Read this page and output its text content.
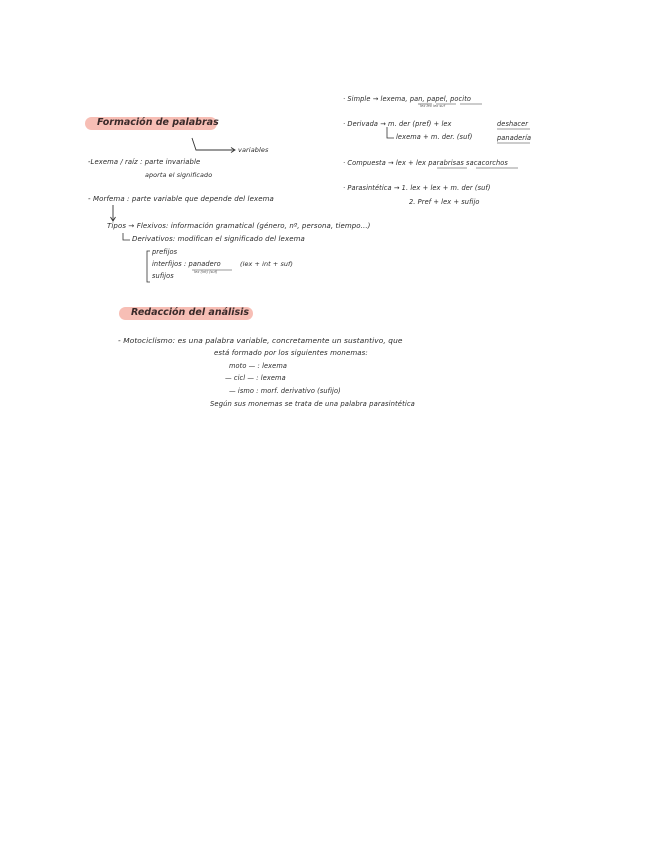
Formación de palabras
variables
-Lexema / raíz : parte invariable
aporta el significado
- Morfema : parte variable que depende del lexema
Tipos → Flexivos: información gramatical (género, nº, persona, tiempo...)
Derivativos: modifican el significado del lexema
prefijos
interfijos : panadero
lex (int) (suf)
(lex + int + suf)
sufijos
Redacción del análisis
- Motociclismo: es una palabra variable, concretamente un sustantivo, que
está formado por los siguientes monemas:
moto — : lexema
— cicl — : lexema
— ismo : morf. derivativo (sufijo)
Según sus monemas se trata de una palabra parasintética
· Simple → lexema, pan, papel, pocito
lex lex lex suf
· Derivada → m. der (pref) + lex	deshacer
lexema + m. der. (suf)	panadería
· Compuesta → lex + lex parabrisas sacacorchos
· Parasintética → 1. lex + lex + m. der (suf)
2. Pref + lex + sufijo
